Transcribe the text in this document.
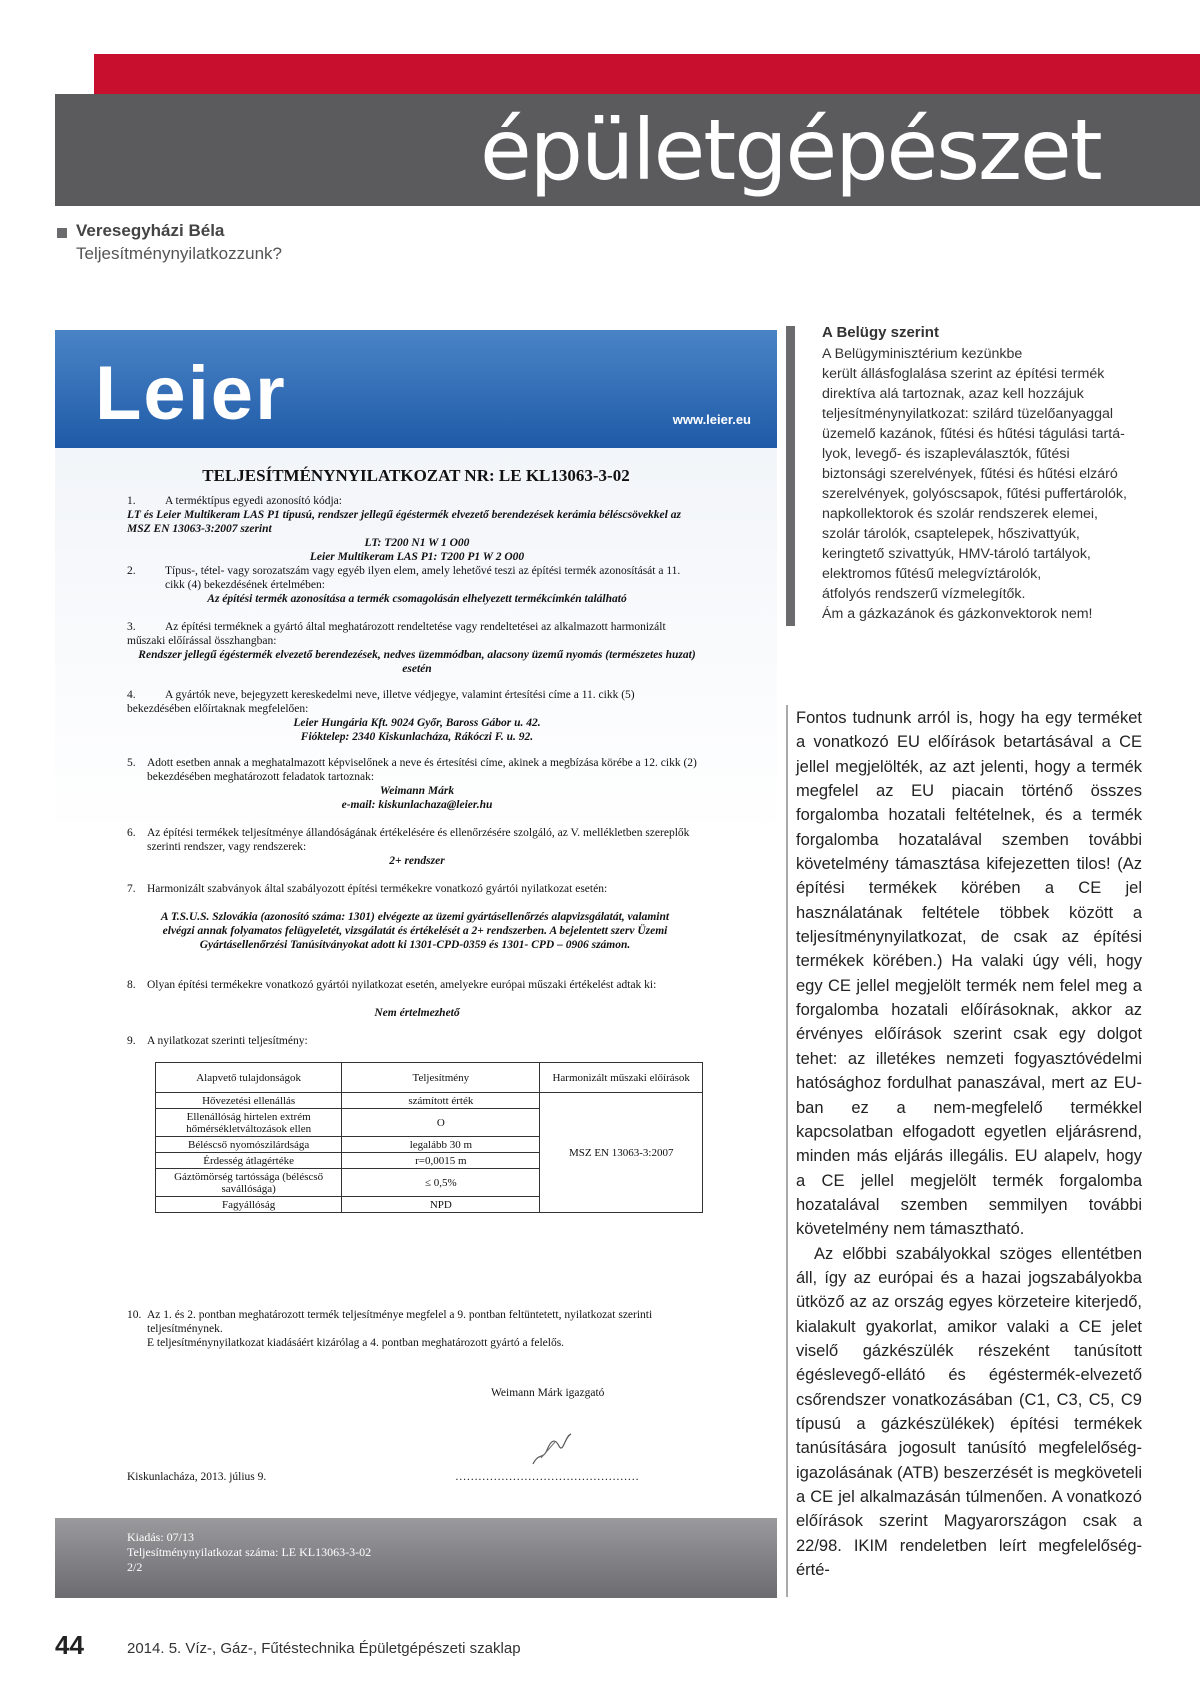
épületgépészet
Veresegyházi Béla
Teljesítménynyilatkozzunk?
Leier	www.leier.eu
TELJESÍTMÉNYNYILATKOZAT NR: LE KL13063-3-02
1.	A terméktípus egyedi azonosító kódja:
LT és Leier Multikeram LAS P1 típusú, rendszer jellegű égéstermék elvezető berendezések kerámia béléscsövekkel az MSZ EN 13063-3:2007 szerint
LT: T200 N1 W 1 O00
Leier Multikeram LAS P1: T200 P1 W 2 O00
2.	Típus-, tétel- vagy sorozatszám vagy egyéb ilyen elem, amely lehetővé teszi az építési termék azonosítását a 11. cikk (4) bekezdésének értelmében:
Az építési termék azonosítása a termék csomagolásán elhelyezett termékcímkén található
3.	Az építési terméknek a gyártó által meghatározott rendeltetése vagy rendeltetései az alkalmazott harmonizált műszaki előírással összhangban:
Rendszer jellegű égéstermék elvezető berendezések, nedves üzemmódban, alacsony üzemű nyomás (természetes huzat) esetén
4.	A gyártók neve, bejegyzett kereskedelmi neve, illetve védjegye, valamint értesítési címe a 11. cikk (5) bekezdésében előírtaknak megfelelően:
Leier Hungária Kft. 9024 Győr, Baross Gábor u. 42.
Fióktelep: 2340 Kiskunlacháza, Rákóczi F. u. 92.
5. Adott esetben annak a meghatalmazott képviselőnek a neve és értesítési címe, akinek a megbízása körébe a 12. cikk (2) bekezdésében meghatározott feladatok tartoznak:
Weimann Márk
e-mail: kiskunlachaza@leier.hu
6. Az építési termékek teljesítménye állandóságának értékelésére és ellenőrzésére szolgáló, az V. mellékletben szereplők szerinti rendszer, vagy rendszerek:
2+ rendszer
7. Harmonizált szabványok által szabályozott építési termékekre vonatkozó gyártói nyilatkozat esetén:
A T.S.U.S. Szlovákia (azonosító száma: 1301) elvégezte az üzemi gyártásellenőrzés alapvizsgálatát, valamint elvégzi annak folyamatos felügyeletét, vizsgálatát és értékelését a 2+ rendszerben. A bejelentett szerv Üzemi Gyártásellenőrzési Tanúsítványokat adott ki 1301-CPD-0359 és 1301- CPD – 0906 számon.
8. Olyan építési termékekre vonatkozó gyártói nyilatkozat esetén, amelyekre európai műszaki értékelést adtak ki:
Nem értelmezhető
9. A nyilatkozat szerinti teljesítmény:
Alapvető tulajdonságok	Teljesítmény	Harmonizált műszaki előírások
Hővezetési ellenállás	számított érték	MSZ EN 13063-3:2007
Ellenállóság hirtelen extrém hőmérsékletváltozások ellen	O	
Béléscső nyomószilárdsága	legalább 30 m	
Érdesség átlagértéke	r=0,0015 m	
Gáztömörség tartóssága (béléscső savállósága)	≤ 0,5%	
Fagyállóság	NPD	
10. Az 1. és 2. pontban meghatározott termék teljesítménye megfelel a 9. pontban feltüntetett, nyilatkozat szerinti teljesítménynek.
E teljesítménynyilatkozat kiadásáért kizárólag a 4. pontban meghatározott gyártó a felelős.
Weimann Márk igazgató
Kiskunlacháza, 2013. július 9.	…………………………………………
Kiadás: 07/13
Teljesítménynyilatkozat száma: LE KL13063-3-02
2/2
A Belügy szerint
A Belügyminisztérium kezünkbe
került állásfoglalása szerint az építési termék
direktíva alá tartoznak, azaz kell hozzájuk
teljesítménynyilatkozat: szilárd tüzelőanyaggal
üzemelő kazánok, fűtési és hűtési tágulási tartá-
lyok, levegő- és iszapleválasztók, fűtési
biztonsági szerelvények, fűtési és hűtési elzáró
szerelvények, golyóscsapok, fűtési puffertárolók,
napkollektorok és szolár rendszerek elemei,
szolár tárolók, csaptelepek, hőszivattyúk,
keringtető szivattyúk, HMV-tároló tartályok,
elektromos fűtésű melegvíztárolók,
átfolyós rendszerű vízmelegítők.
Ám a gázkazánok és gázkonvektorok nem!

Fontos tudnunk arról is, hogy ha egy terméket a vonatkozó EU előírások betartásával a CE jellel megjelölték, az azt jelenti, hogy a termék megfelel az EU piacain történő összes forgalomba hozatali feltételnek, és a termék forgalomba hozatalával szemben további követelmény támasztása kifejezetten tilos! (Az építési termékek körében a CE jel használatának feltétele többek között a teljesítménynyilatkozat, de csak az építési termékek körében.) Ha valaki úgy véli, hogy egy CE jellel megjelölt termék nem felel meg a forgalomba hozatali előírásoknak, akkor az érvényes előírások szerint csak egy dolgot tehet: az illetékes nemzeti fogyasztóvédelmi hatósághoz fordulhat panaszával, mert az EU-ban ez a nem-megfelelő termékkel kapcsolatban elfogadott egyetlen eljárásrend, minden más eljárás illegális. EU alapelv, hogy a CE jellel megjelölt termék forgalomba hozatalával szemben semmilyen további követelmény nem támasztható.

Az előbbi szabályokkal szöges ellentétben áll, így az európai és a hazai jogszabályokba ütköző az az ország egyes körzeteire kiterjedő, kialakult gyakorlat, amikor valaki a CE jelet viselő gázkészülék részeként tanúsított égéslevegő-ellátó és égéstermék-elvezető csőrendszer vonatkozásában (C1, C3, C5, C9 típusú a gázkészülékek) építési termékek tanúsítására jogosult tanúsító megfelelőség-igazolásának (ATB) beszerzését is megköveteli a CE jel alkalmazásán túlmenően. A vonatkozó előírások szerint Magyarországon csak a 22/98. IKIM rendeletben leírt megfelelőség-érté-

44	2014. 5. Víz-, Gáz-, Fűtéstechnika Épületgépészeti szaklap
